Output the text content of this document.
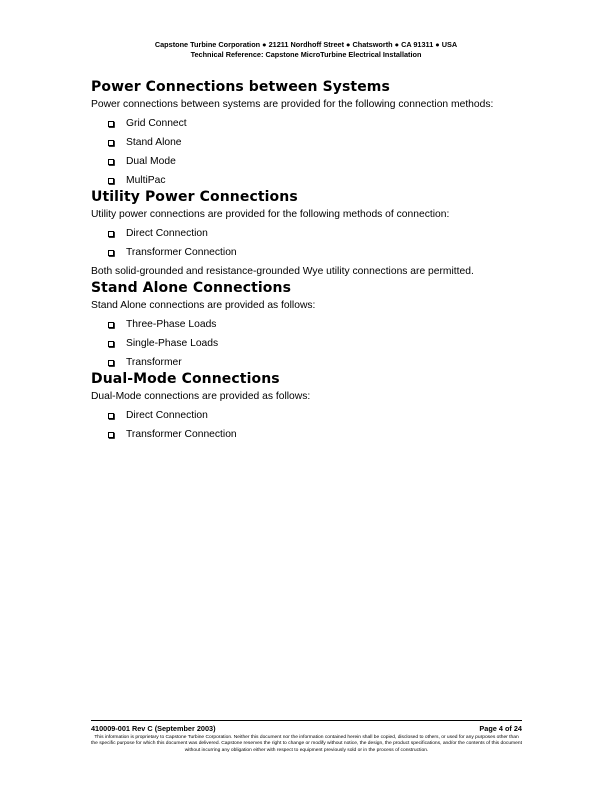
Capstone Turbine Corporation ● 21211 Nordhoff Street ● Chatsworth ● CA 91311 ● USA
Technical Reference: Capstone MicroTurbine Electrical Installation
Power Connections between Systems

Power connections between systems are provided for the following connection methods:

Grid Connect
Stand Alone
Dual Mode
MultiPac
Utility Power Connections

Utility power connections are provided for the following methods of connection:

Direct Connection
Transformer Connection

Both solid-grounded and resistance-grounded Wye utility connections are permitted.

Stand Alone Connections

Stand Alone connections are provided as follows:

Three-Phase Loads
Single-Phase Loads
Transformer
Dual-Mode Connections

Dual-Mode connections are provided as follows:

Direct Connection
Transformer Connection
410009-001 Rev C (September 2003)	Page 4 of 24
This information is proprietary to Capstone Turbine Corporation. Neither this document nor the information contained herein shall be copied, disclosed to others, or used for any purposes other than the specific purpose for which this document was delivered. Capstone reserves the right to change or modify without notice, the design, the product specifications, and/or the contents of this document without incurring any obligation either with respect to equipment previously sold or in the process of construction.
